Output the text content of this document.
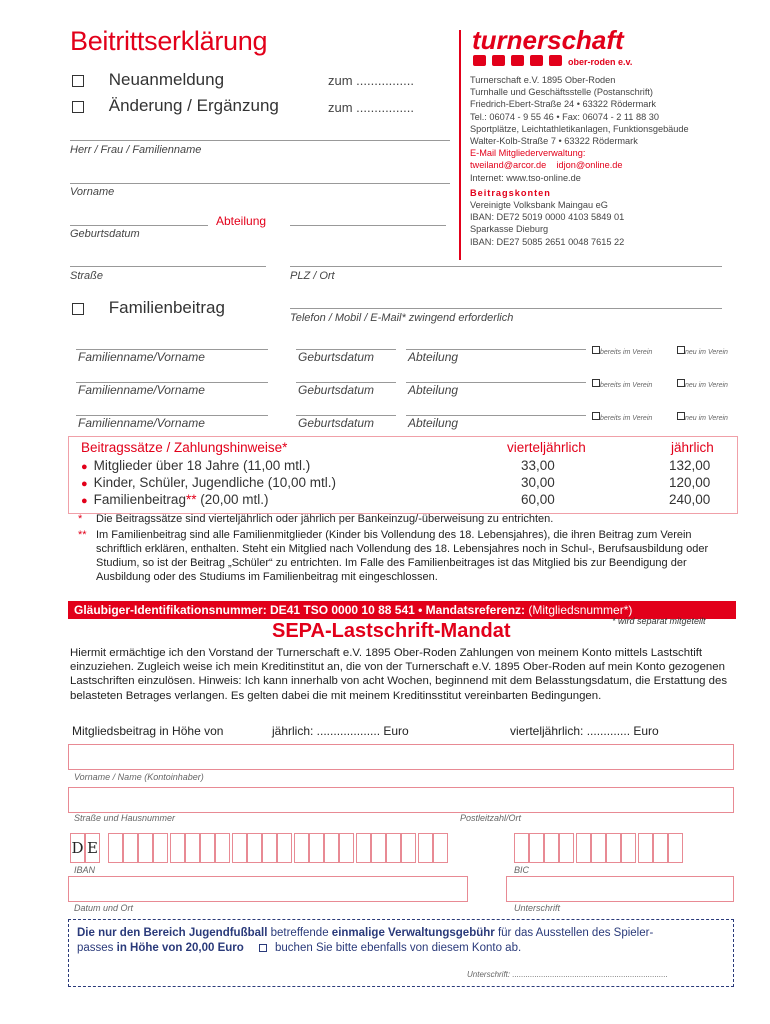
Beitrittserklärung
Neuanmeldung	zum ................
Änderung / Ergänzung	zum ................
Herr / Frau / Familienname
Vorname
Abteilung
Geburtsdatum
Straße	PLZ / Ort
Familienbeitrag
Telefon / Mobil / E-Mail* zwingend erforderlich
Familienname/Vorname	Geburtsdatum	Abteilung	bereits im Verein	neu im Verein
Familienname/Vorname	Geburtsdatum	Abteilung	bereits im Verein	neu im Verein
Familienname/Vorname	Geburtsdatum	Abteilung	bereits im Verein	neu im Verein
turnerschaft
ober-roden e.v.
Turnerschaft e.V. 1895 Ober-Roden
Turnhalle und Geschäftsstelle (Postanschrift)
Friedrich-Ebert-Straße 24 • 63322 Rödermark
Tel.: 06074 - 9 55 46 • Fax: 06074 - 2 11 88 30
Sportplätze, Leichtathletikanlagen, Funktionsgebäude
Walter-Kolb-Straße 7 • 63322 Rödermark
E-Mail Mitgliederverwaltung:
tweiland@arcor.de    idjon@online.de
Internet: www.tso-online.de
Beitragskonten
Vereinigte Volksbank Maingau eG
IBAN: DE72 5019 0000 4103 5849 01
Sparkasse Dieburg
IBAN: DE27 5085 2651 0048 7615 22
Beitragssätze / Zahlungshinweise*	vierteljährlich	jährlich
● Mitglieder über 18 Jahre (11,00 mtl.)	33,00	132,00
● Kinder, Schüler, Jugendliche (10,00 mtl.)	30,00	120,00
● Familienbeitrag** (20,00 mtl.)	60,00	240,00
*	Die Beitragssätze sind vierteljährlich oder jährlich per Bankeinzug/-überweisung zu entrichten.
** Im Familienbeitrag sind alle Familienmitglieder (Kinder bis Vollendung des 18. Lebensjahres), die ihren Beitrag zum Verein schriftlich erklären, enthalten. Steht ein Mitglied nach Vollendung des 18. Lebensjahres noch in Schul-, Berufsausbildung oder Studium, so ist der Beitrag „Schüler“ zu entrichten. Im Falle des Familienbeitrages ist das Mitglied bis zur Beendigung der Ausbildung oder des Studiums im Familienbeitrag mit eingeschlossen.
Gläubiger-Identifikationsnummer: DE41 TSO 0000 10 88 541 • Mandatsreferenz: (Mitgliedsnummer*)
SEPA-Lastschrift-Mandat	* wird separat mitgeteilt
Hiermit ermächtige ich den Vorstand der Turnerschaft e.V. 1895 Ober-Roden Zahlungen von meinem Konto mittels Lastschtift einzuziehen. Zugleich weise ich mein Kreditinstitut an, die von der Turnerschaft e.V. 1895 Ober-Roden auf mein Konto gezogenen Lastschriften einzulösen. Hinweis: Ich kann innerhalb von acht Wochen, beginnend mit dem Belasstungsdatum, die Erstattung des belasteten Betrages verlangen. Es gelten dabei die mit meinem Kreditinsstitut vereinbarten Bedingungen.
Mitgliedsbeitrag in Höhe von	jährlich: ................... Euro	vierteljährlich: ............. Euro
Vorname / Name (Kontoinhaber)
Straße und Hausnummer	Postleitzahl/Ort
D E
IBAN	BIC
Datum und Ort	Unterschrift
Die nur den Bereich Jugendfußball betreffende einmalige Verwaltungsgebühr für das Ausstellen des Spieler-
passes in Höhe von 20,00 Euro	buchen Sie bitte ebenfalls von diesem Konto ab.
Unterschrift: ......................................................................
